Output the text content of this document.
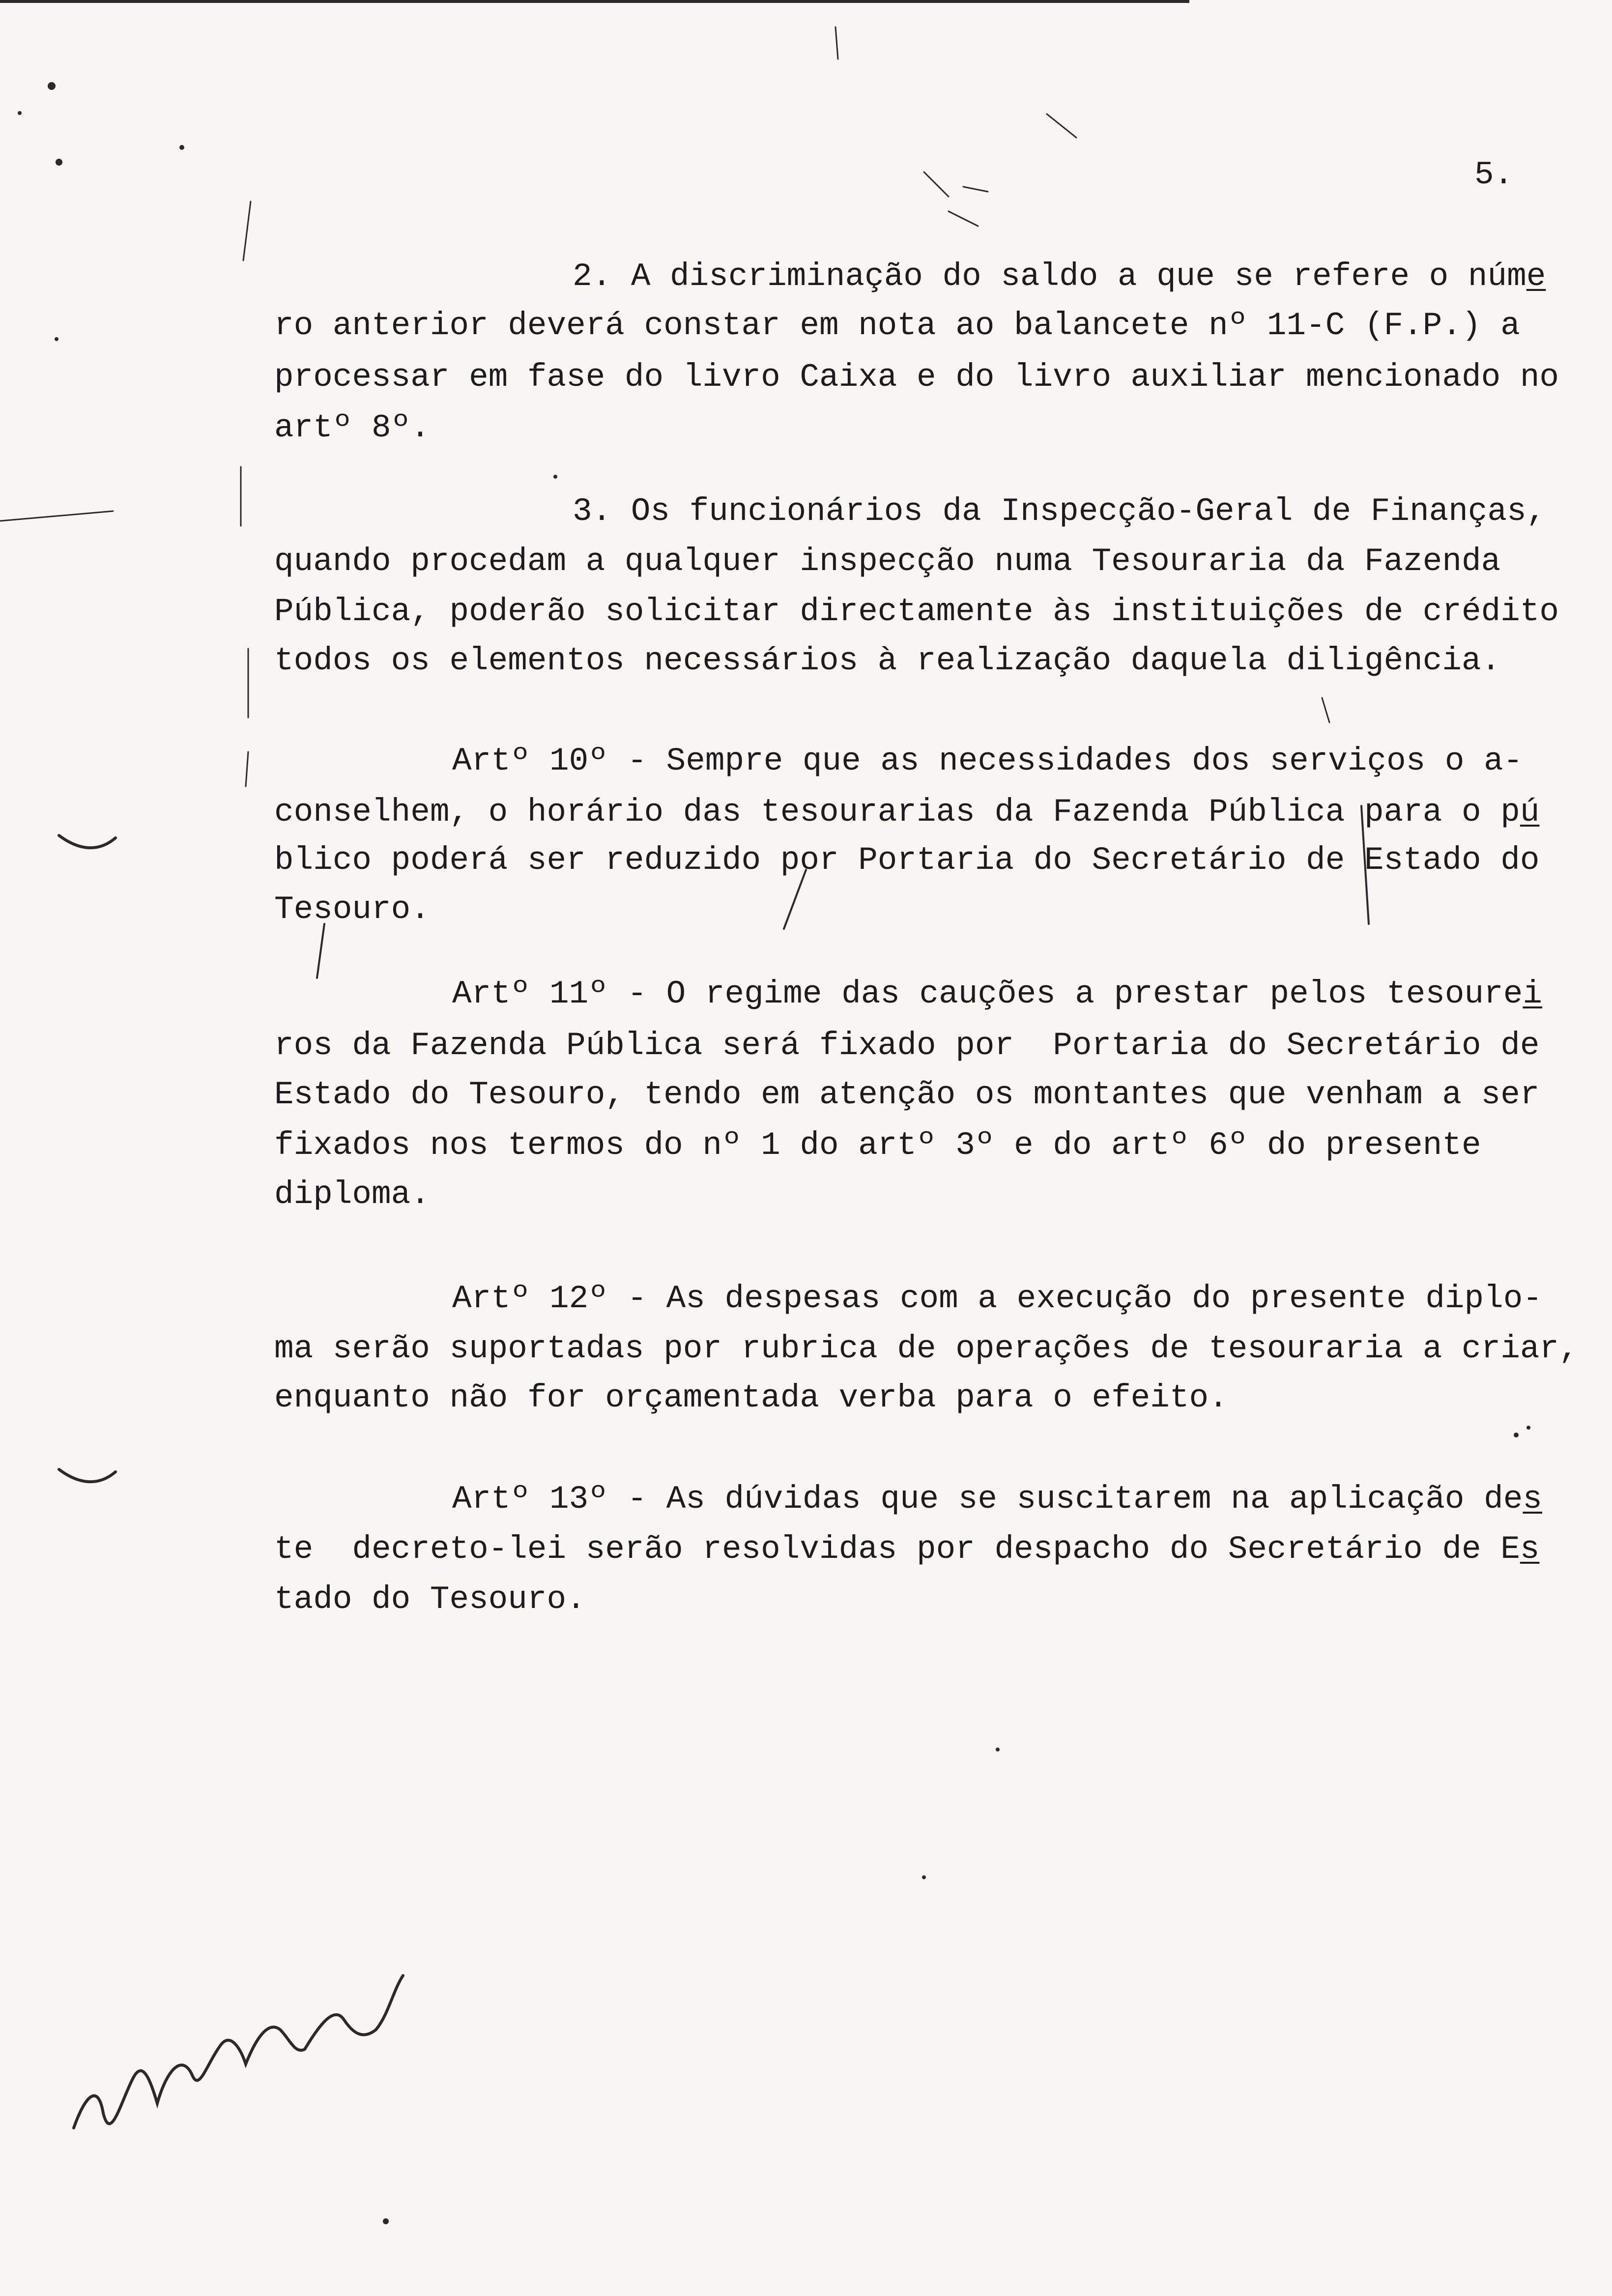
5.
2. A discriminação do saldo a que se refere o núme
ro anterior deverá constar em nota ao balancete nº 11-C (F.P.) a
processar em fase do livro Caixa e do livro auxiliar mencionado no
artº 8º.
3. Os funcionários da Inspecção-Geral de Finanças,
quando procedam a qualquer inspecção numa Tesouraria da Fazenda
Pública, poderão solicitar directamente às instituições de crédito
todos os elementos necessários à realização daquela diligência.
Artº 10º - Sempre que as necessidades dos serviços o a-
conselhem, o horário das tesourarias da Fazenda Pública para o pú
blico poderá ser reduzido por Portaria do Secretário de Estado do
Tesouro.
Artº 11º - O regime das cauções a prestar pelos tesourei
ros da Fazenda Pública será fixado por  Portaria do Secretário de
Estado do Tesouro, tendo em atenção os montantes que venham a ser
fixados nos termos do nº 1 do artº 3º e do artº 6º do presente
diploma.
Artº 12º - As despesas com a execução do presente diplo-
ma serão suportadas por rubrica de operações de tesouraria a criar,
enquanto não for orçamentada verba para o efeito.
Artº 13º - As dúvidas que se suscitarem na aplicação des
te  decreto-lei serão resolvidas por despacho do Secretário de Es
tado do Tesouro.
